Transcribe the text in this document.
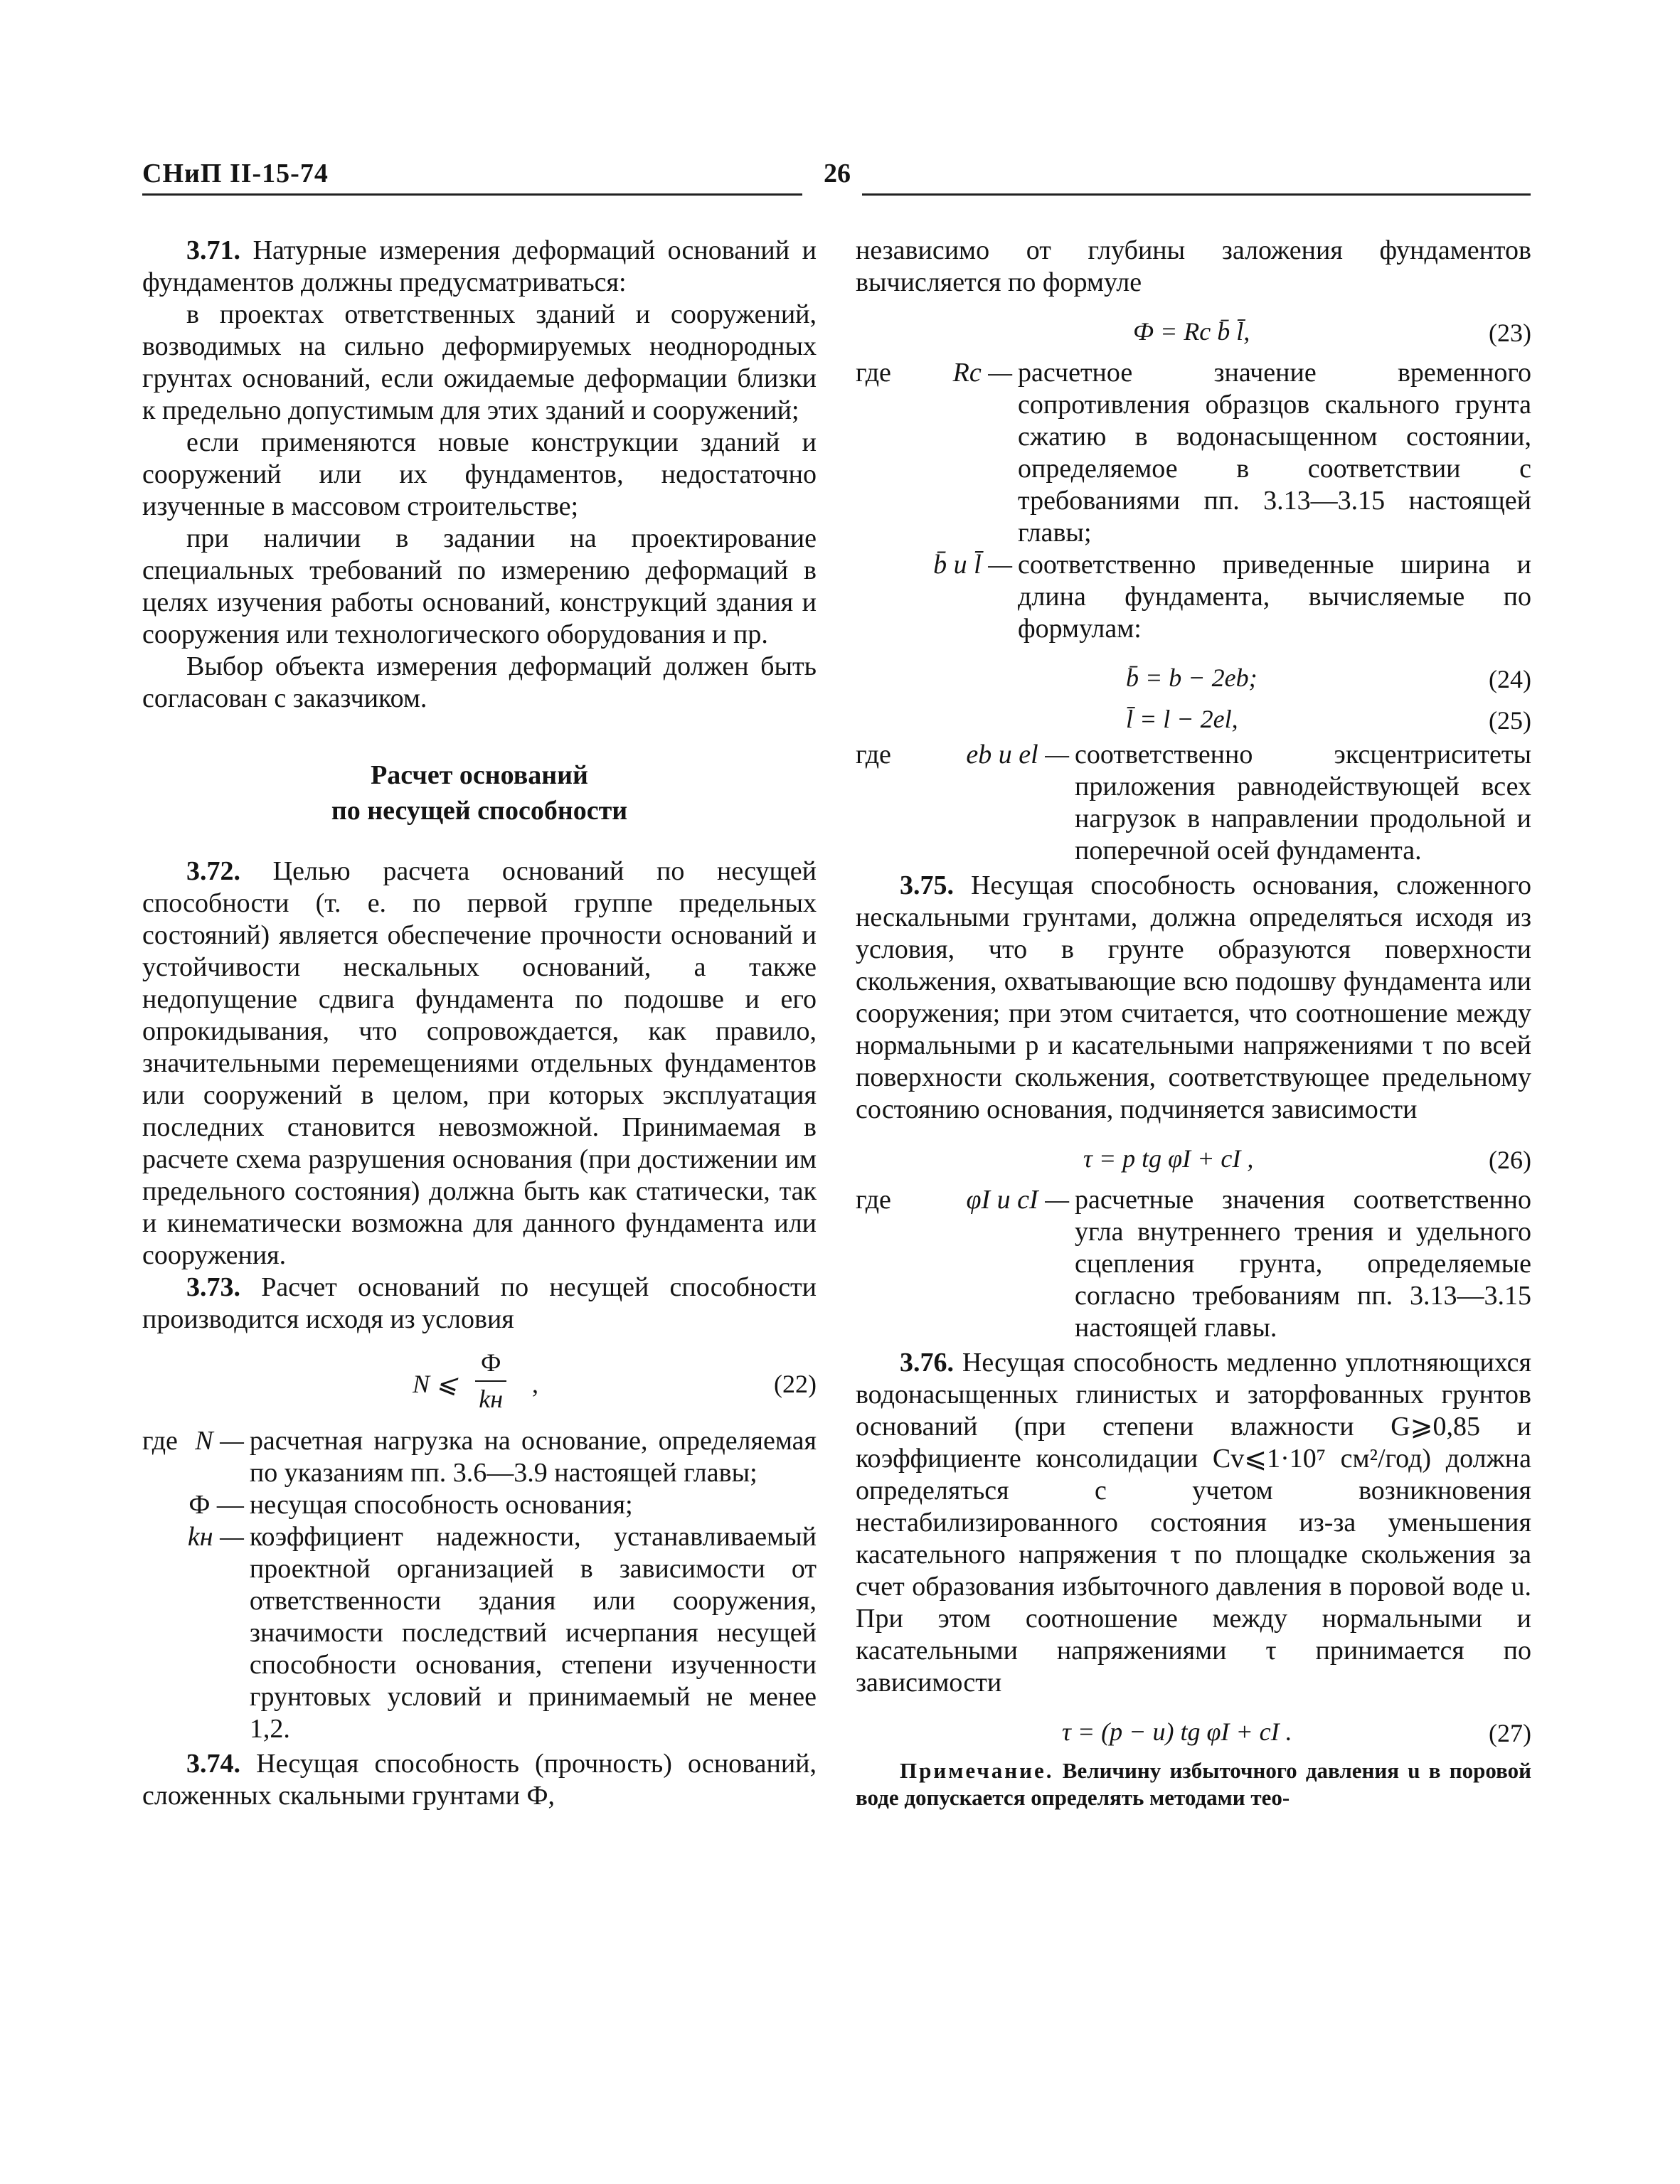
СНиП II-15-74	26

3.71. Натурные измерения деформаций оснований и фундаментов должны предусматриваться:

в проектах ответственных зданий и сооружений, возводимых на сильно деформируемых неоднородных грунтах оснований, если ожидаемые деформации близки к предельно допустимым для этих зданий и сооружений;

если применяются новые конструкции зданий и сооружений или их фундаментов, недостаточно изученные в массовом строительстве;

при наличии в задании на проектирование специальных требований по измерению деформаций в целях изучения работы оснований, конструкций здания и сооружения или технологического оборудования и пр.

Выбор объекта измерения деформаций должен быть согласован с заказчиком.

Расчет оснований
по несущей способности

3.72. Целью расчета оснований по несущей способности (т. е. по первой группе предельных состояний) является обеспечение прочности оснований и устойчивости нескальных оснований, а также недопущение сдвига фундамента по подошве и его опрокидывания, что сопровождается, как правило, значительными перемещениями отдельных фундаментов или сооружений в целом, при которых эксплуатация последних становится невозможной. Принимаемая в расчете схема разрушения основания (при достижении им предельного состояния) должна быть как статически, так и кинематически возможна для данного фундамента или сооружения.

3.73. Расчет оснований по несущей способности производится исходя из условия

N ⩽
Ф
kн
,	(22)
где	N —	расчетная нагрузка на основание, определяемая по указаниям пп. 3.6—3.9 настоящей главы;
	Ф —	несущая способность основания;
	kн —	коэффициент надежности, устанавливаемый проектной организацией в зависимости от ответственности здания или сооружения, значимости последствий исчерпания несущей способности основания, степени изученности грунтовых условий и принимаемый не менее 1,2.

3.74. Несущая способность (прочность) оснований, сложенных скальными грунтами Ф,

независимо от глубины заложения фундаментов вычисляется по формуле

Ф = Rc b̄ l̄,	(23)
где	Rc —	расчетное значение временного сопротивления образцов скального грунта сжатию в водонасыщенном состоянии, определяемое в соответствии с требованиями пп. 3.13—3.15 настоящей главы;
	b̄ и l̄ —	соответственно приведенные ширина и длина фундамента, вычисляемые по формулам:
b̄ = b − 2eb;	(24)
l̄ = l − 2el,	(25)
где	eb и el —	соответственно эксцентриситеты приложения равнодействующей всех нагрузок в направлении продольной и поперечной осей фундамента.

3.75. Несущая способность основания, сложенного нескальными грунтами, должна определяться исходя из условия, что в грунте образуются поверхности скольжения, охватывающие всю подошву фундамента или сооружения; при этом считается, что соотношение между нормальными p и касательными напряжениями τ по всей поверхности скольжения, соответствующее предельному состоянию основания, подчиняется зависимости

τ = p tg φI + cI ,	(26)
где	φI и cI —	расчетные значения соответственно угла внутреннего трения и удельного сцепления грунта, определяемые согласно требованиям пп. 3.13—3.15 настоящей главы.

3.76. Несущая способность медленно уплотняющихся водонасыщенных глинистых и заторфованных грунтов оснований (при степени влажности G⩾0,85 и коэффициенте консолидации Cv⩽1·10⁷ см²/год) должна определяться с учетом возникновения нестабилизированного состояния из-за уменьшения касательного напряжения τ по площадке скольжения за счет образования избыточного давления в поровой воде u. При этом соотношение между нормальными и касательными напряжениями τ принимается по зависимости

τ = (p − u) tg φI + cI .	(27)

Примечание. Величину избыточного давления u в поровой воде допускается определять методами тео-
